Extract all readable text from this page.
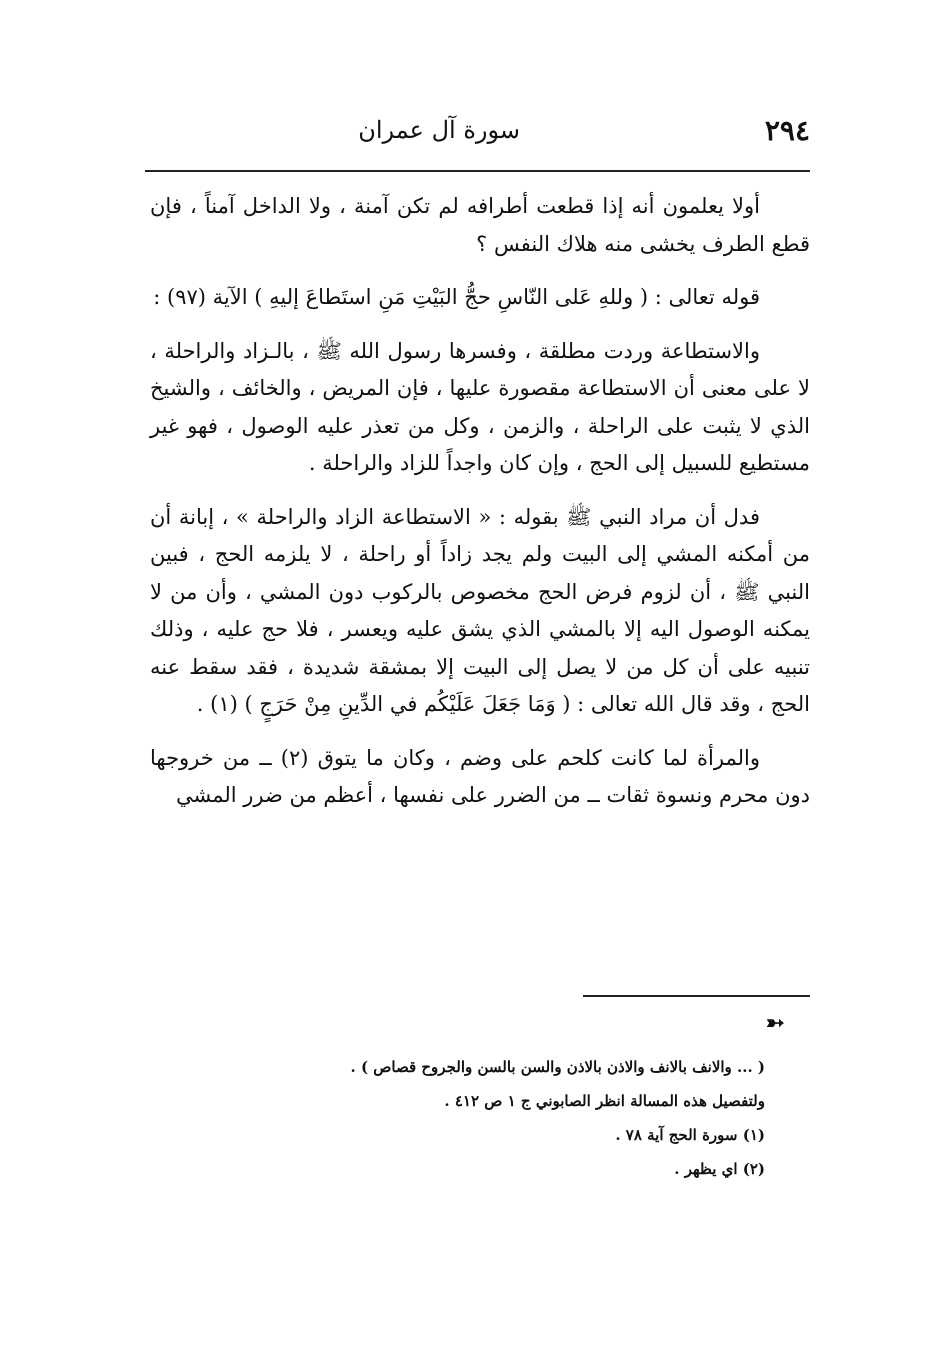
٢٩٤
سورة آل عمران

أولا يعلمون أنه إذا قطعت أطرافه لم تكن آمنة ، ولا الداخل آمناً ، فإن قطع الطرف يخشى منه هلاك النفس ؟

قوله تعالى : ( وللهِ عَلى النّاسِ حجُّ البَيْتِ مَنِ استَطاعَ إليهِ ) الآية (٩٧) :

والاستطاعة وردت مطلقة ، وفسرها رسول الله ﷺ ، بالـزاد والراحلة ، لا على معنى أن الاستطاعة مقصورة عليها ، فإن المريض ، والخائف ، والشيخ الذي لا يثبت على الراحلة ، والزمن ، وكل من تعذر عليه الوصول ، فهو غير مستطيع للسبيل إلى الحج ، وإن كان واجداً للزاد والراحلة .

فدل أن مراد النبي ﷺ بقوله : « الاستطاعة الزاد والراحلة » ، إبانة أن من أمكنه المشي إلى البيت ولم يجد زاداً أو راحلة ، لا يلزمه الحج ، فبين النبي ﷺ ، أن لزوم فرض الحج مخصوص بالركوب دون المشي ، وأن من لا يمكنه الوصول اليه إلا بالمشي الذي يشق عليه ويعسر ، فلا حج عليه ، وذلك تنبيه على أن كل من لا يصل إلى البيت إلا بمشقة شديدة ، فقد سقط عنه الحج ، وقد قال الله تعالى : ( وَمَا جَعَلَ عَلَيْكُم في الدِّينِ مِنْ حَرَجٍ ) (١) .

والمرأة لما كانت كلحم على وضم ، وكان ما يتوق (٢) ــ من خروجها دون محرم ونسوة ثقات ــ من الضرر على نفسها ، أعظم من ضرر المشي

➳
( ... والانف بالانف والاذن بالاذن والسن بالسن والجروح قصاص ) .
ولتفصيل هذه المسالة انظر الصابوني ج ١ ص ٤١٢ .
(١) سورة الحج آية ٧٨ .
(٢) اي يظهر .
